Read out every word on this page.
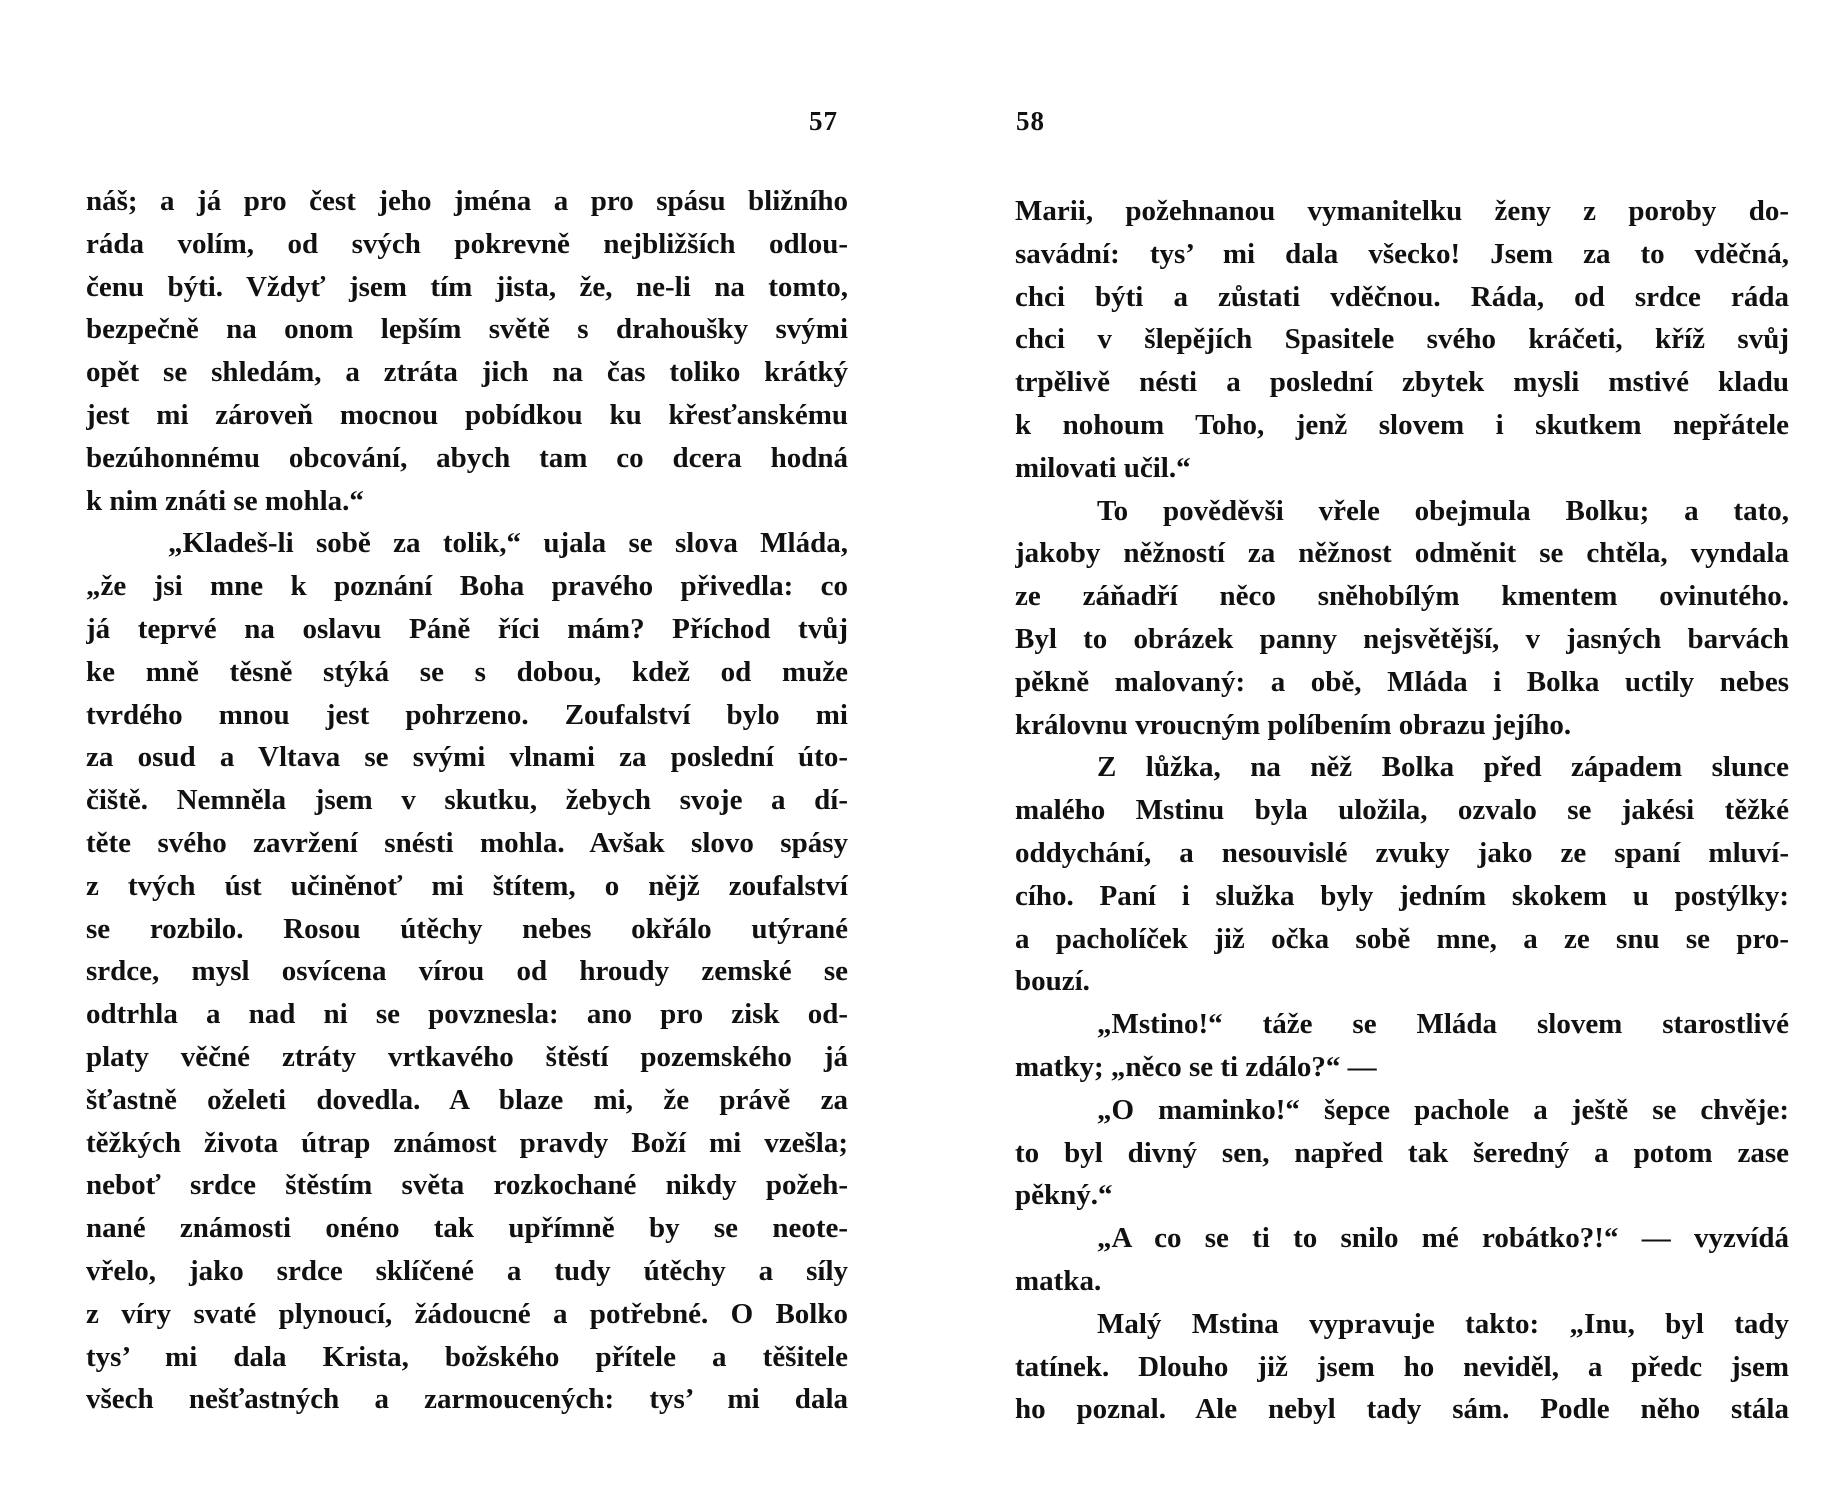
57
náš; a já pro čest jeho jména a pro spásu bližního
ráda volím, od svých pokrevně nejbližších odlou-
čenu býti. Vždyť jsem tím jista, že, ne-li na tomto,
bezpečně na onom lepším světě s drahoušky svými
opět se shledám, a ztráta jich na čas toliko krátký
jest mi zároveň mocnou pobídkou ku křesťanskému
bezúhonnému obcování, abych tam co dcera hodná
k nim znáti se mohla.“
„Kladeš-li sobě za tolik,“ ujala se slova Mláda,
„že jsi mne k poznání Boha pravého přivedla: co
já teprvé na oslavu Páně říci mám? Příchod tvůj
ke mně těsně stýká se s dobou, kdež od muže
tvrdého mnou jest pohrzeno. Zoufalství bylo mi
za osud a Vltava se svými vlnami za poslední úto-
čiště. Nemněla jsem v skutku, žebych svoje a dí-
těte svého zavržení snésti mohla. Avšak slovo spásy
z tvých úst učiněnoť mi štítem, o nějž zoufalství
se rozbilo. Rosou útěchy nebes okřálo utýrané
srdce, mysl osvícena vírou od hroudy zemské se
odtrhla a nad ni se povznesla: ano pro zisk od-
platy věčné ztráty vrtkavého štěstí pozemského já
šťastně oželeti dovedla. A blaze mi, že právě za
těžkých života útrap známost pravdy Boží mi vzešla;
neboť srdce štěstím světa rozkochané nikdy požeh-
nané známosti onéno tak upřímně by se neote-
vřelo, jako srdce sklíčené a tudy útěchy a síly
z víry svaté plynoucí, žádoucné a potřebné. O Bolko
tys’ mi dala Krista, božského přítele a těšitele
všech nešťastných a zarmoucených: tys’ mi dala
58
Marii, požehnanou vymanitelku ženy z poroby do-
savádní: tys’ mi dala všecko! Jsem za to vděčná,
chci býti a zůstati vděčnou. Ráda, od srdce ráda
chci v šlepějích Spasitele svého kráčeti, kříž svůj
trpělivě nésti a poslední zbytek mysli mstivé kladu
k nohoum Toho, jenž slovem i skutkem nepřátele
milovati učil.“
To pověděvši vřele obejmula Bolku; a tato,
jakoby něžností za něžnost odměnit se chtěla, vyndala
ze záňadří něco sněhobílým kmentem ovinutého.
Byl to obrázek panny nejsvětější, v jasných barvách
pěkně malovaný: a obě, Mláda i Bolka uctily nebes
královnu vroucným políbením obrazu jejího.
Z lůžka, na něž Bolka před západem slunce
malého Mstinu byla uložila, ozvalo se jakési těžké
oddychání, a nesouvislé zvuky jako ze spaní mluví-
cího. Paní i služka byly jedním skokem u postýlky:
a pacholíček již očka sobě mne, a ze snu se pro-
bouzí.
„Mstino!“ táže se Mláda slovem starostlivé
matky; „něco se ti zdálo?“ —
„O maminko!“ šepce pachole a ještě se chvěje:
to byl divný sen, napřed tak šeredný a potom zase
pěkný.“
„A co se ti to snilo mé robátko?!“ — vyzvídá
matka.
Malý Mstina vypravuje takto: „Inu, byl tady
tatínek. Dlouho již jsem ho neviděl, a předc jsem
ho poznal. Ale nebyl tady sám. Podle něho stála
